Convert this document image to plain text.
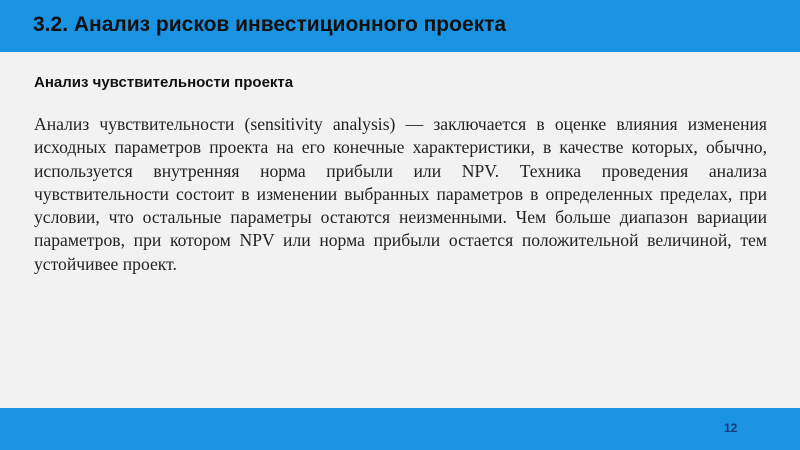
3.2. Анализ рисков инвестиционного проекта
Анализ чувствительности проекта

Анализ чувствительности (sensitivity analysis) — заключается в оценке влияния изменения исходных параметров проекта на его конечные характеристики, в качестве которых, обычно, используется внутренняя норма прибыли или NPV. Техника проведения анализа чувствительности состоит в изменении выбранных параметров в определенных пределах, при условии, что остальные параметры остаются неизменными. Чем больше диапазон вариации параметров, при котором NPV или норма прибыли остается положительной величиной, тем устойчивее проект.

12
